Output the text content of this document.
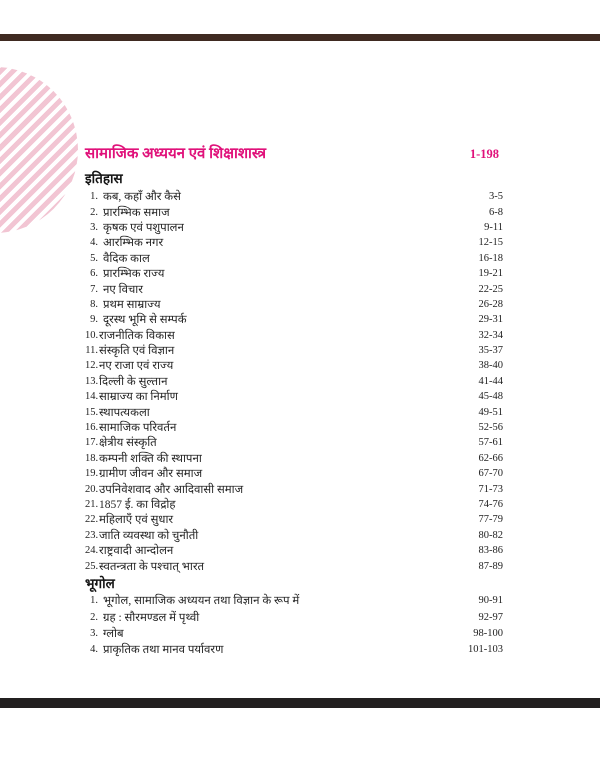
सामाजिक अध्ययन एवं शिक्षाशास्त्र	1-198
इतिहास
1. कब, कहाँ और कैसे	3-5
2. प्रारम्भिक समाज	6-8
3. कृषक एवं पशुपालन	9-11
4. आरम्भिक नगर	12-15
5. वैदिक काल	16-18
6. प्रारम्भिक राज्य	19-21
7. नए विचार	22-25
8. प्रथम साम्राज्य	26-28
9. दूरस्थ भूमि से सम्पर्क	29-31
10. राजनीतिक विकास	32-34
11. संस्कृति एवं विज्ञान	35-37
12. नए राजा एवं राज्य	38-40
13. दिल्ली के सुल्तान	41-44
14. साम्राज्य का निर्माण	45-48
15. स्थापत्यकला	49-51
16. सामाजिक परिवर्तन	52-56
17. क्षेत्रीय संस्कृति	57-61
18. कम्पनी शक्ति की स्थापना	62-66
19. ग्रामीण जीवन और समाज	67-70
20. उपनिवेशवाद और आदिवासी समाज	71-73
21. 1857 ई. का विद्रोह	74-76
22. महिलाएँ एवं सुधार	77-79
23. जाति व्यवस्था को चुनौती	80-82
24. राष्ट्रवादी आन्दोलन	83-86
25. स्वतन्त्रता के पश्चात् भारत	87-89
भूगोल
1. भूगोल, सामाजिक अध्ययन तथा विज्ञान के रूप में	90-91
2. ग्रह : सौरमण्डल में पृथ्वी	92-97
3. ग्लोब	98-100
4. प्राकृतिक तथा मानव पर्यावरण	101-103
